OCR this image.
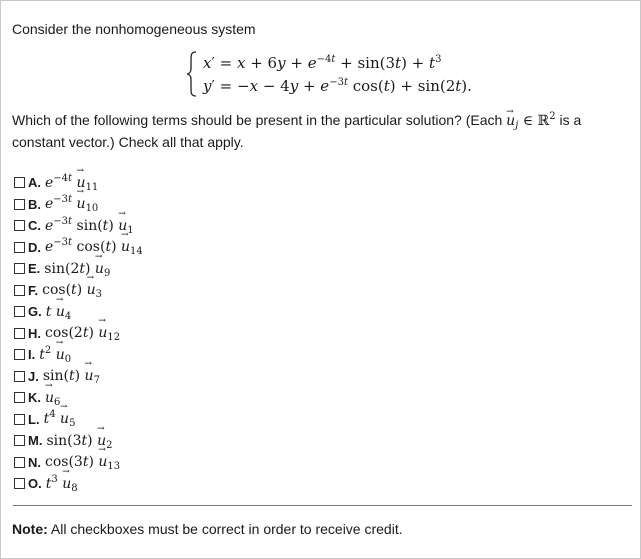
Consider the nonhomogeneous system
$x' = x + 6y + e^{-4t} + \sin(3t) + t^3$
$y' = -x - 4y + e^{-3t}$ cos(t) + sin(2t).
Which of the following terms should be present in the particular solution? (Each → $u_j$ ∈ ℝ$^2$ is a constant vector.) Check all that apply.
A. $e^{-4t} \to u_{11}$
B. $e^{-3t} \to u_{10}$
C. $e^{-3t}$ $\sin(t) \to u_1$
D. $e^{-3t}$ $\cos(t) \to u_{14}$
E. $\sin(2t) \to u_9$
F. $\cos(t) \to u_3$
G. $t \to u_4$
H. $\cos(2t) \to u_{12}$
I. $t^2 \to u_0$
J. $\sin(t) \to u_7$
K. → $u_6$
L. $t^4 \to u_5$
M. $\sin(3t) \to u_2$
N. $\cos(3t) \to u_{13}$
O. $t^3 \to u_8$
Note: All checkboxes must be correct in order to receive credit.
